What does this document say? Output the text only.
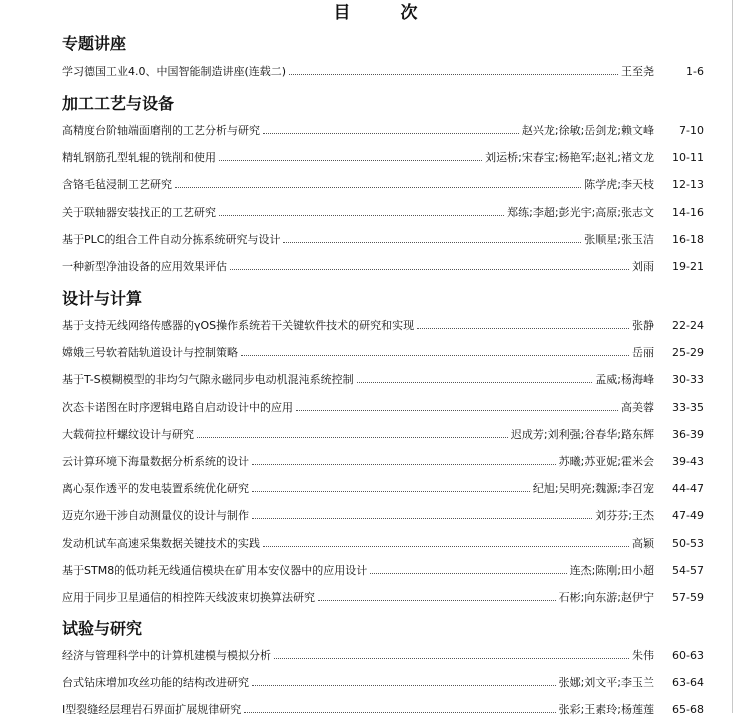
目 次
专题讲座
学习德国工业4.0、中国智能制造讲座(连载二)	王至尧	1-6
加工工艺与设备
高精度台阶轴端面磨削的工艺分析与研究	赵兴龙;徐敏;岳剑龙;赖文峰	7-10
精轧钢筋孔型轧辊的铣削和使用	刘运桥;宋春宝;杨艳军;赵礼;褚文龙	10-11
含铬毛毡浸制工艺研究	陈学虎;李天枝	12-13
关于联轴器安装找正的工艺研究	郑练;李超;彭光宇;高原;张志文	14-16
基于PLC的组合工件自动分拣系统研究与设计	张顺星;张玉洁	16-18
一种新型净油设备的应用效果评估	刘雨	19-21
设计与计算
基于支持无线网络传感器的γOS操作系统若干关键软件技术的研究和实现	张静	22-24
嫦娥三号软着陆轨道设计与控制策略	岳丽	25-29
基于T-S模糊模型的非均匀气隙永磁同步电动机混沌系统控制	孟威;杨海峰	30-33
次态卡诺图在时序逻辑电路自启动设计中的应用	高美蓉	33-35
大载荷拉杆螺纹设计与研究	迟成芳;刘利强;谷春华;路东辉	36-39
云计算环境下海量数据分析系统的设计	苏曦;苏亚妮;霍米会	39-43
离心泵作透平的发电装置系统优化研究	纪旭;吴明亮;魏源;李召宠	44-47
迈克尔逊干涉自动测量仪的设计与制作	刘芬芬;王杰	47-49
发动机试车高速采集数据关键技术的实践	高颖	50-53
基于STM8的低功耗无线通信模块在矿用本安仪器中的应用设计	连杰;陈刚;田小超	54-57
应用于同步卫星通信的相控阵天线波束切换算法研究	石彬;向东游;赵伊宁	57-59
试验与研究
经济与管理科学中的计算机建模与模拟分析	朱伟	60-63
台式钻床增加攻丝功能的结构改进研究	张娜;刘文平;李玉兰	63-64
Ⅰ型裂缝经层理岩石界面扩展规律研究	张彩;王素玲;杨莲莲	65-68
